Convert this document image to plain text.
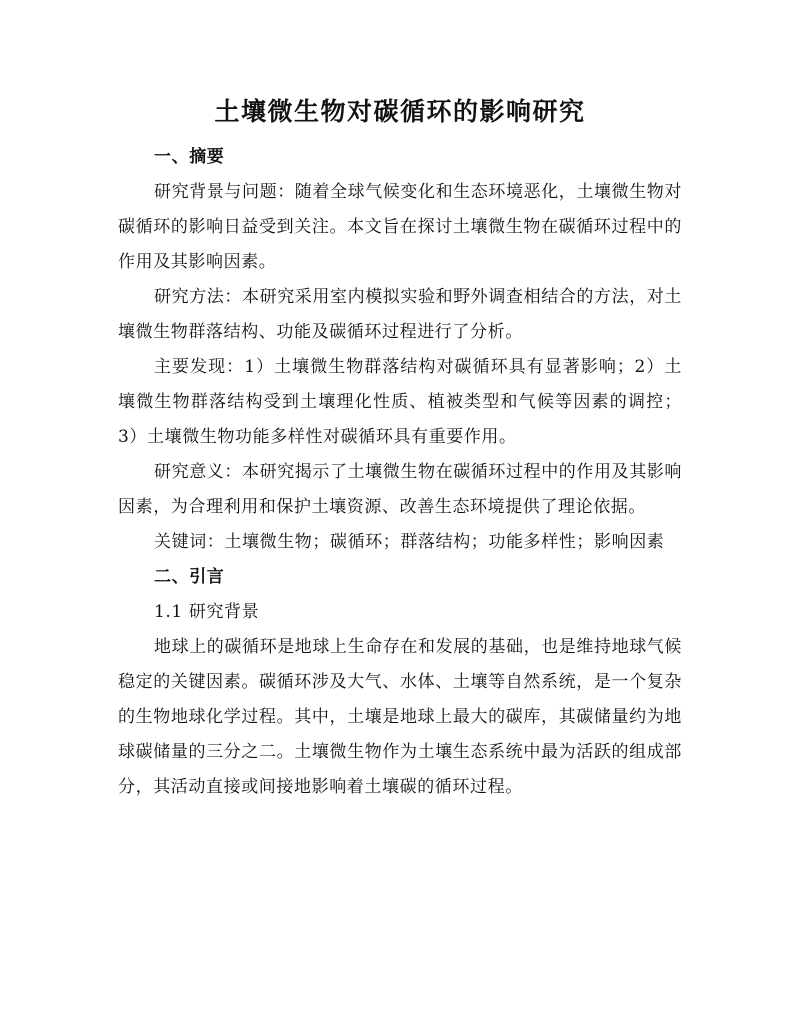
土壤微生物对碳循环的影响研究
一、摘要

研究背景与问题：随着全球气候变化和生态环境恶化，土壤微生物对碳循环的影响日益受到关注。本文旨在探讨土壤微生物在碳循环过程中的作用及其影响因素。

研究方法：本研究采用室内模拟实验和野外调查相结合的方法，对土壤微生物群落结构、功能及碳循环过程进行了分析。

主要发现：1）土壤微生物群落结构对碳循环具有显著影响；2）土壤微生物群落结构受到土壤理化性质、植被类型和气候等因素的调控；3）土壤微生物功能多样性对碳循环具有重要作用。

研究意义：本研究揭示了土壤微生物在碳循环过程中的作用及其影响因素，为合理利用和保护土壤资源、改善生态环境提供了理论依据。

关键词：土壤微生物；碳循环；群落结构；功能多样性；影响因素

二、引言
1.1 研究背景

地球上的碳循环是地球上生命存在和发展的基础，也是维持地球气候稳定的关键因素。碳循环涉及大气、水体、土壤等自然系统，是一个复杂的生物地球化学过程。其中，土壤是地球上最大的碳库，其碳储量约为地球碳储量的三分之二。土壤微生物作为土壤生态系统中最为活跃的组成部分，其活动直接或间接地影响着土壤碳的循环过程。
